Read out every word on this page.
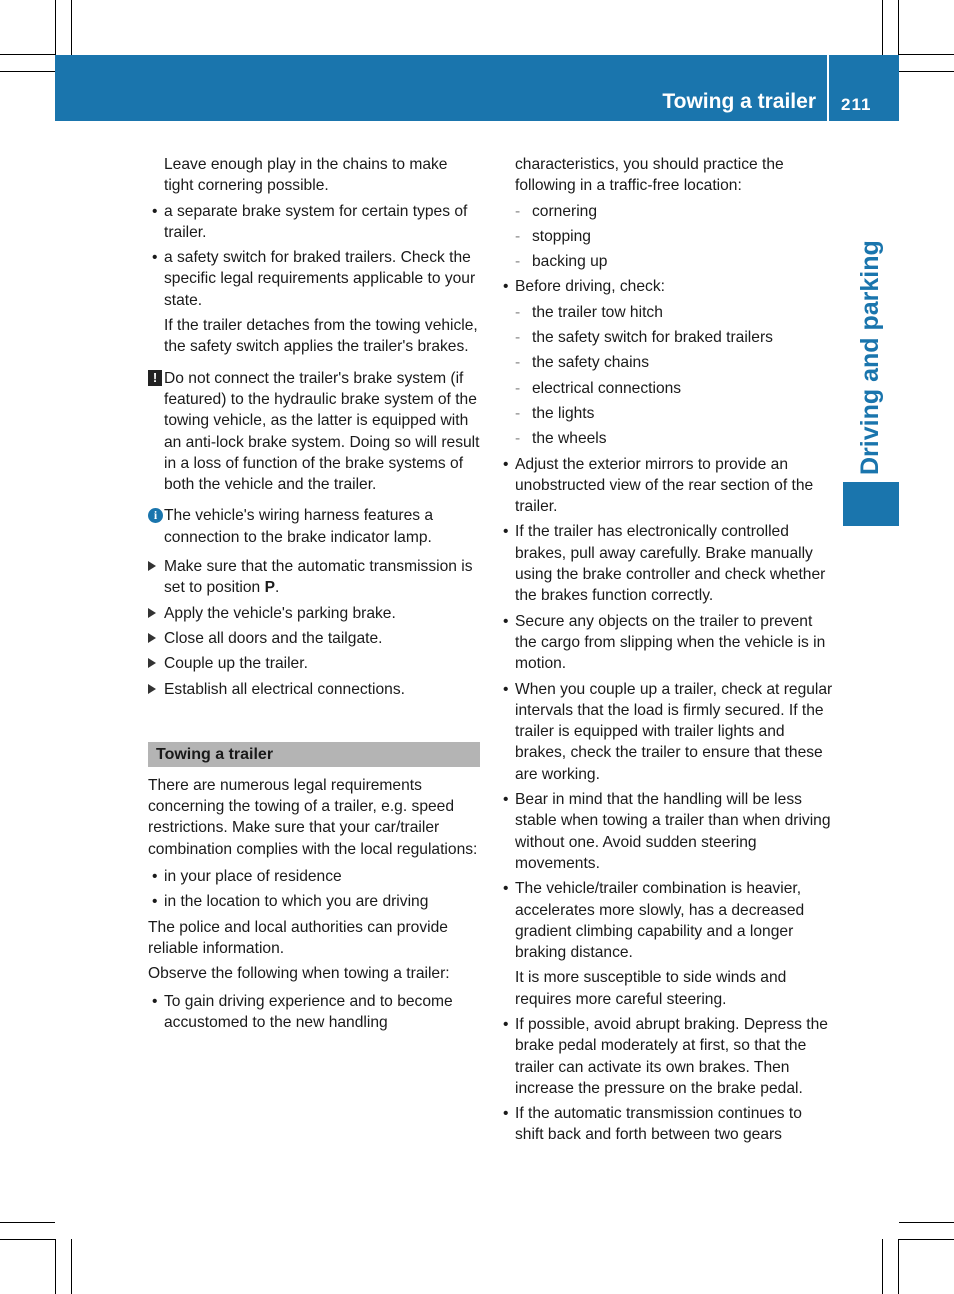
Towing a trailer 211
Driving and parking

Leave enough play in the chains to make tight cornering possible.

• a separate brake system for certain types of trailer.
• a safety switch for braked trailers. Check the specific legal requirements applicable to your state.

If the trailer detaches from the towing vehicle, the safety switch applies the trailer's brakes.

! Do not connect the trailer's brake system (if featured) to the hydraulic brake system of the towing vehicle, as the latter is equipped with an anti-lock brake system. Doing so will result in a loss of function of the brake systems of both the vehicle and the trailer.
i The vehicle's wiring harness features a connection to the brake indicator lamp.
Make sure that the automatic transmission is set to position P.
Apply the vehicle's parking brake.
Close all doors and the tailgate.
Couple up the trailer.
Establish all electrical connections.
Towing a trailer

There are numerous legal requirements concerning the towing of a trailer, e.g. speed restrictions. Make sure that your car/trailer combination complies with the local regulations:

• in your place of residence
• in the location to which you are driving

The police and local authorities can provide reliable information.

Observe the following when towing a trailer:

• To gain driving experience and to become accustomed to the new handling

characteristics, you should practice the following in a traffic-free location:

- cornering
- stopping
- backing up
• Before driving, check:
- the trailer tow hitch
- the safety switch for braked trailers
- the safety chains
- electrical connections
- the lights
- the wheels
• Adjust the exterior mirrors to provide an unobstructed view of the rear section of the trailer.
• If the trailer has electronically controlled brakes, pull away carefully. Brake manually using the brake controller and check whether the brakes function correctly.
• Secure any objects on the trailer to prevent the cargo from slipping when the vehicle is in motion.
• When you couple up a trailer, check at regular intervals that the load is firmly secured. If the trailer is equipped with trailer lights and brakes, check the trailer to ensure that these are working.
• Bear in mind that the handling will be less stable when towing a trailer than when driving without one. Avoid sudden steering movements.
• The vehicle/trailer combination is heavier, accelerates more slowly, has a decreased gradient climbing capability and a longer braking distance.

It is more susceptible to side winds and requires more careful steering.

• If possible, avoid abrupt braking. Depress the brake pedal moderately at first, so that the trailer can activate its own brakes. Then increase the pressure on the brake pedal.
• If the automatic transmission continues to shift back and forth between two gears
